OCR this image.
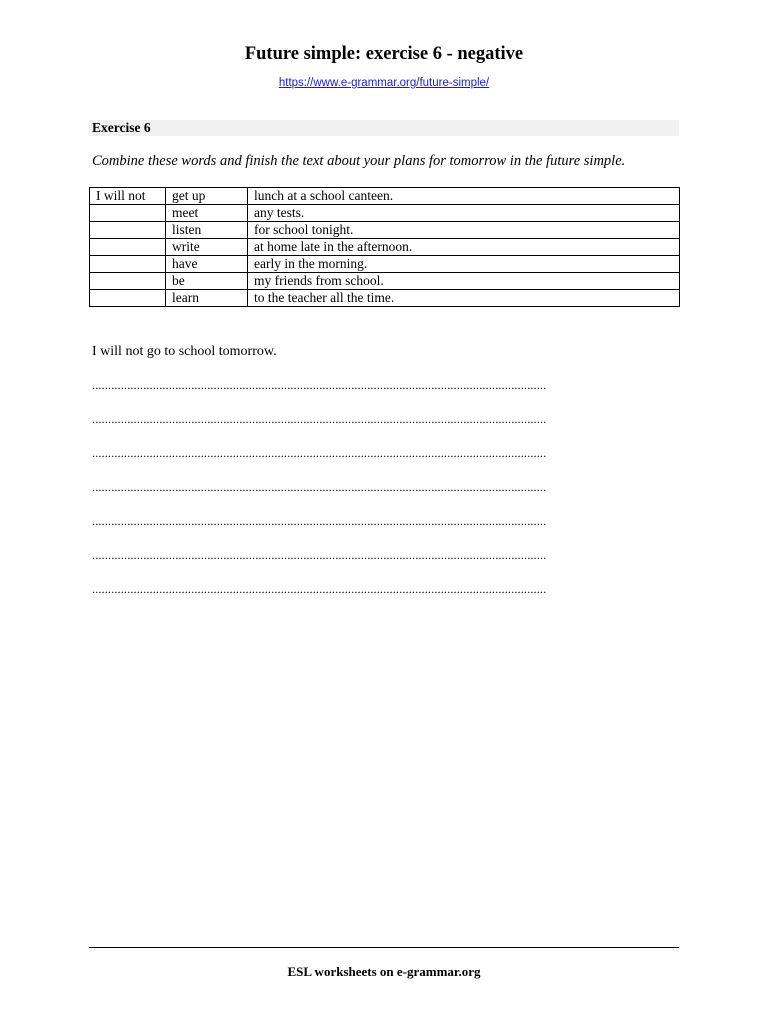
Future simple: exercise 6 - negative
https://www.e-grammar.org/future-simple/
Exercise 6
Combine these words and finish the text about your plans for tomorrow in the future simple.
I will not	get up	lunch at a school canteen.
	meet	any tests.
	listen	for school tonight.
	write	at home late in the afternoon.
	have	early in the morning.
	be	my friends from school.
	learn	to the teacher all the time.
I will not go to school tomorrow.
..............................................................................................................................................
..............................................................................................................................................
..............................................................................................................................................
..............................................................................................................................................
..............................................................................................................................................
..............................................................................................................................................
..............................................................................................................................................
ESL worksheets on e-grammar.org
